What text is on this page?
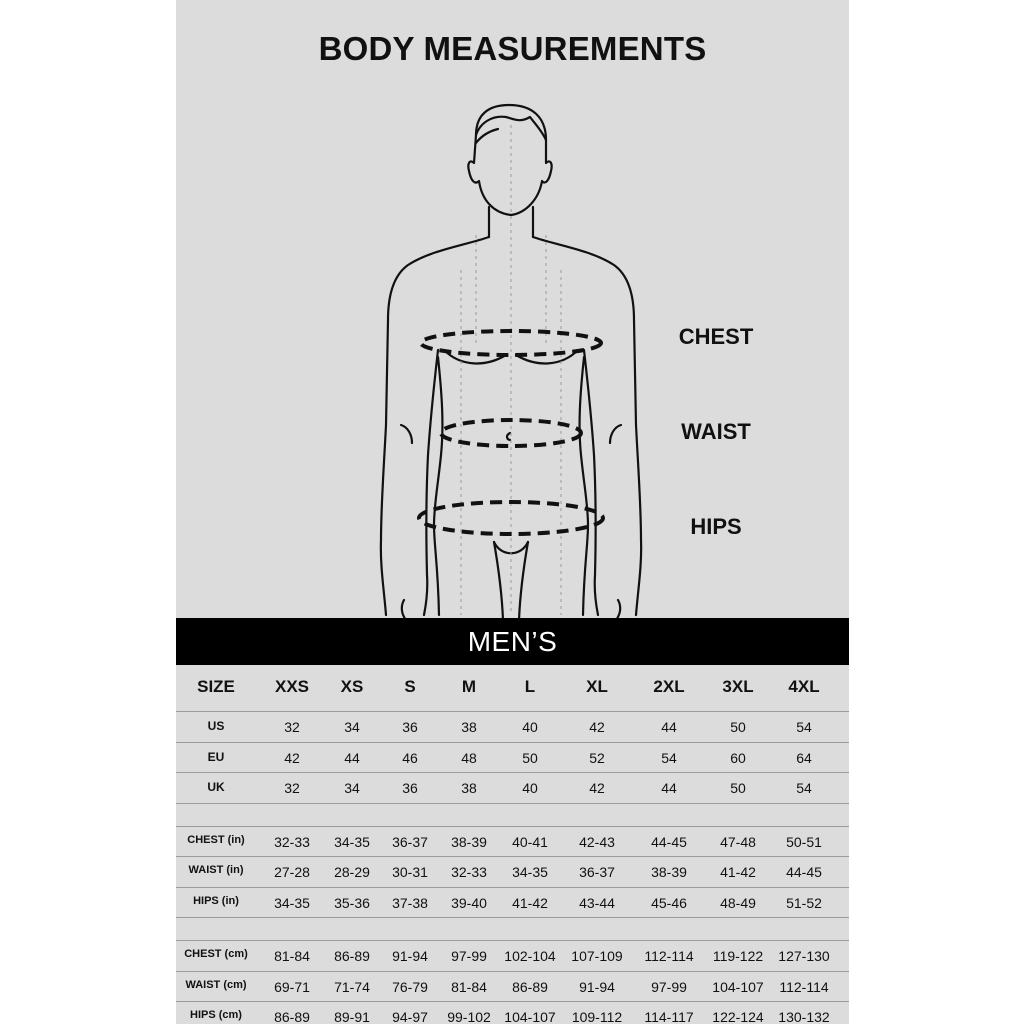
BODY MEASUREMENTS
CHEST
WAIST
HIPS
MEN’S
SIZE XXS XS S	M	L	XL	2XL 3XL 4XL
US	32	34	36	38	40	42	44	50	54
EU	42	44	46	48	50	52	54	60	64
UK	32	34	36	38	40	42	44	50	54
CHEST (in) 32-33 34-35 36-37 38-39 40-41 42-43	44-45 47-48 50-51
WAIST (in) 27-28 28-29 30-31 32-33 34-35 36-37	38-39 41-42 44-45
HIPS (in)	34-35 35-36 37-38 39-40 41-42 43-44	45-46 48-49 51-52
CHEST (cm) 81-84 86-89 91-94 97-99 102-104 107-109 112-114 119-122 127-130
WAIST (cm) 69-71 71-74 76-79 81-84 86-89 91-94	97-99 104-107 112-114
HIPS (cm) 86-89 89-91 94-97 99-102 104-107 109-112 114-117 122-124 130-132
